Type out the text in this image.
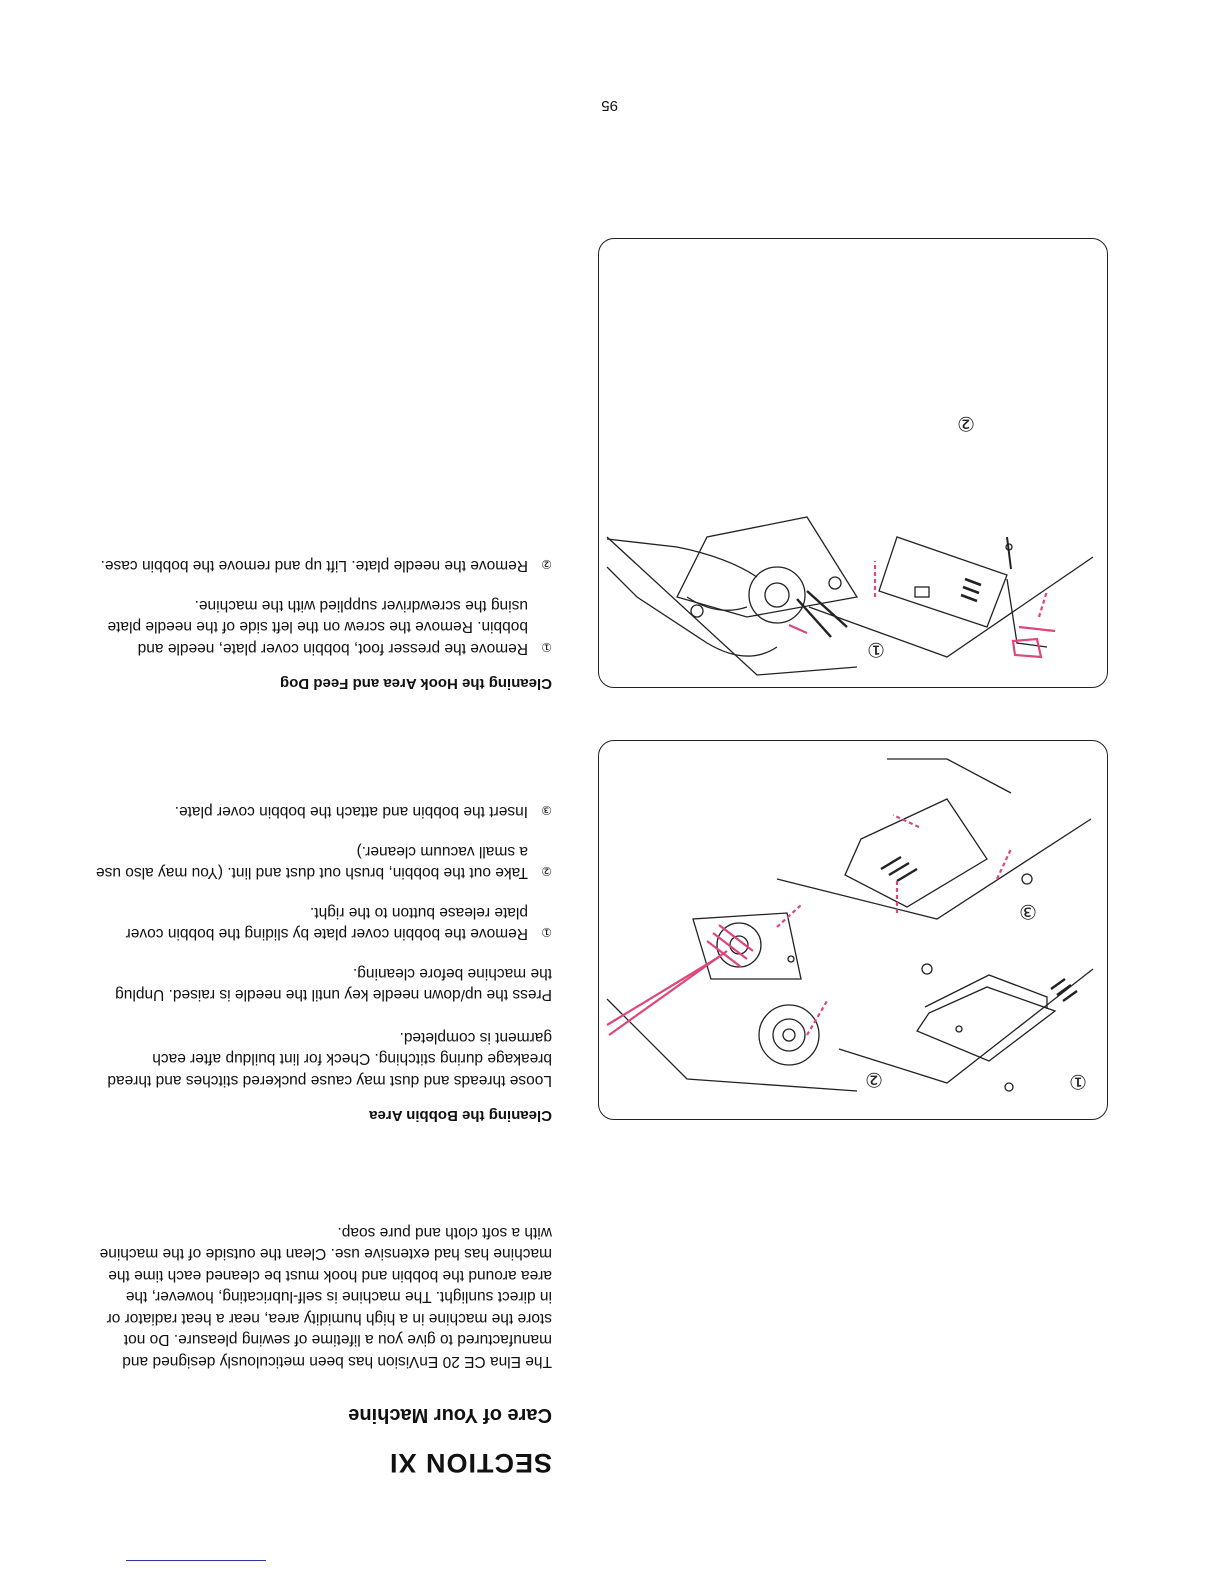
SECTION XI
Care of Your Machine

The Elna CE 20 EnVision has been meticulously designed and manufactured to give you a lifetime of sewing pleasure. Do not store the machine in a high humidity area, near a heat radiator or in direct sunlight. The machine is self-lubricating, however, the area around the bobbin and hook must be cleaned each time the machine has had extensive use. Clean the outside of the machine with a soft cloth and pure soap.

Cleaning the Bobbin Area

Loose threads and dust may cause puckered stitches and thread breakage during stitching. Check for lint buildup after each garment is completed.

Press the up/down needle key until the needle is raised. Unplug the machine before cleaning.

①
Remove the bobbin cover plate by sliding the bobbin cover plate release button to the right.
②
Take out the bobbin, brush out dust and lint. (You may also use a small vacuum cleaner.)
③
Insert the bobbin and attach the bobbin cover plate.

Cleaning the Hook Area and Feed Dog

①
Remove the presser foot, bobbin cover plate, needle and bobbin. Remove the screw on the left side of the needle plate using the screwdriver supplied with the machine.
②
Remove the needle plate. Lift up and remove the bobbin case.
①
②
③
①
②
95
